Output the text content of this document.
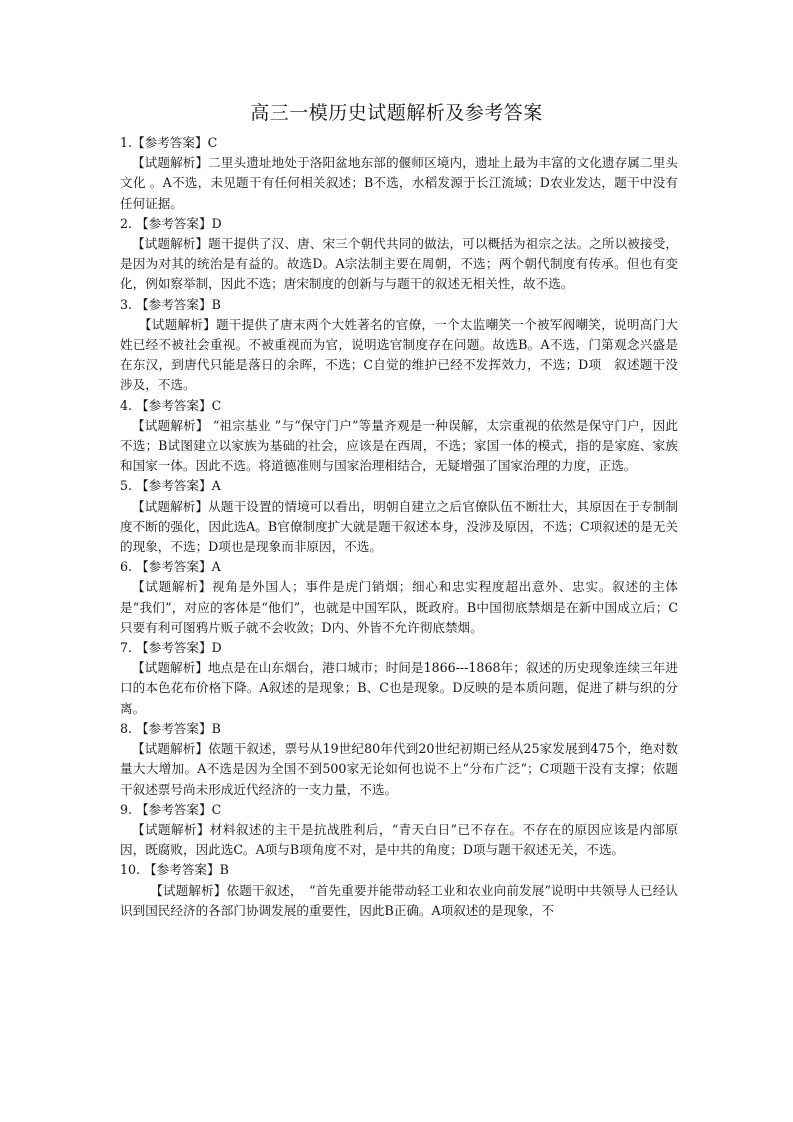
高三一模历史试题解析及参考答案
1.【参考答案】C
【试题解析】二里头遗址地处于洛阳盆地东部的偃师区境内，遗址上最为丰富的文化遗存属二里头文化 。A不选，未见题干有任何相关叙述；B不选，水稻发源于长江流域；D农业发达，题干中没有任何证据。
2. 【参考答案】D
【试题解析】题干提供了汉、唐、宋三个朝代共同的做法，可以概括为祖宗之法。之所以被接受，是因为对其的统治是有益的。故选D。A宗法制主要在周朝，不选；两个朝代制度有传承。但也有变化，例如察举制，因此不选；唐宋制度的创新与与题干的叙述无相关性，故不选。
3. 【参考答案】B
【试题解析】题干提供了唐末两个大姓著名的官僚，一个太监嘲笑一个被军阀嘲笑，说明高门大姓已经不被社会重视。不被重视而为官，说明选官制度存在问题。故选B。A不选，门第观念兴盛是在东汉，到唐代只能是落日的余晖，不选；C自觉的维护已经不发挥效力，不选；D项　叙述题干没涉及，不选。
4. 【参考答案】C
【试题解析】 “祖宗基业 ”与“保守门户”等量齐观是一种误解，太宗重视的依然是保守门户，因此不选；B试图建立以家族为基础的社会，应该是在西周，不选；家国一体的模式，指的是家庭、家族和国家一体。因此不选。将道德准则与国家治理相结合，无疑增强了国家治理的力度，正选。
5. 【参考答案】A
【试题解析】从题干设置的情境可以看出，明朝自建立之后官僚队伍不断壮大，其原因在于专制制度不断的强化，因此选A。B官僚制度扩大就是题干叙述本身，没涉及原因，不选；C项叙述的是无关的现象，不选；D项也是现象而非原因，不选。
6. 【参考答案】A
【试题解析】视角是外国人；事件是虎门销烟；细心和忠实程度超出意外、忠实。叙述的主体是“我们”，对应的客体是“他们”，也就是中国军队，既政府。B中国彻底禁烟是在新中国成立后；C只要有利可图鸦片贩子就不会收敛；D内、外皆不允许彻底禁烟。
7. 【参考答案】D
【试题解析】地点是在山东烟台，港口城市；时间是1866---1868年；叙述的历史现象连续三年进口的本色花布价格下降。A叙述的是现象；B、C也是现象。D反映的是本质问题，促进了耕与织的分离。
8. 【参考答案】B
【试题解析】依题干叙述，票号从19世纪80年代到20世纪初期已经从25家发展到475个，绝对数量大大增加。A不选是因为全国不到500家无论如何也说不上“分布广泛”；C项题干没有支撑；依题干叙述票号尚未形成近代经济的一支力量，不选。
9. 【参考答案】C
【试题解析】材料叙述的主干是抗战胜利后，“青天白日”已不存在。不存在的原因应该是内部原因，既腐败，因此选C。A项与B项角度不对，是中共的角度；D项与题干叙述无关，不选。
10. 【参考答案】B
【试题解析】依题干叙述，　“首先重要并能带动轻工业和农业向前发展”说明中共领导人已经认识到国民经济的各部门协调发展的重要性，因此B正确。A项叙述的是现象，不
